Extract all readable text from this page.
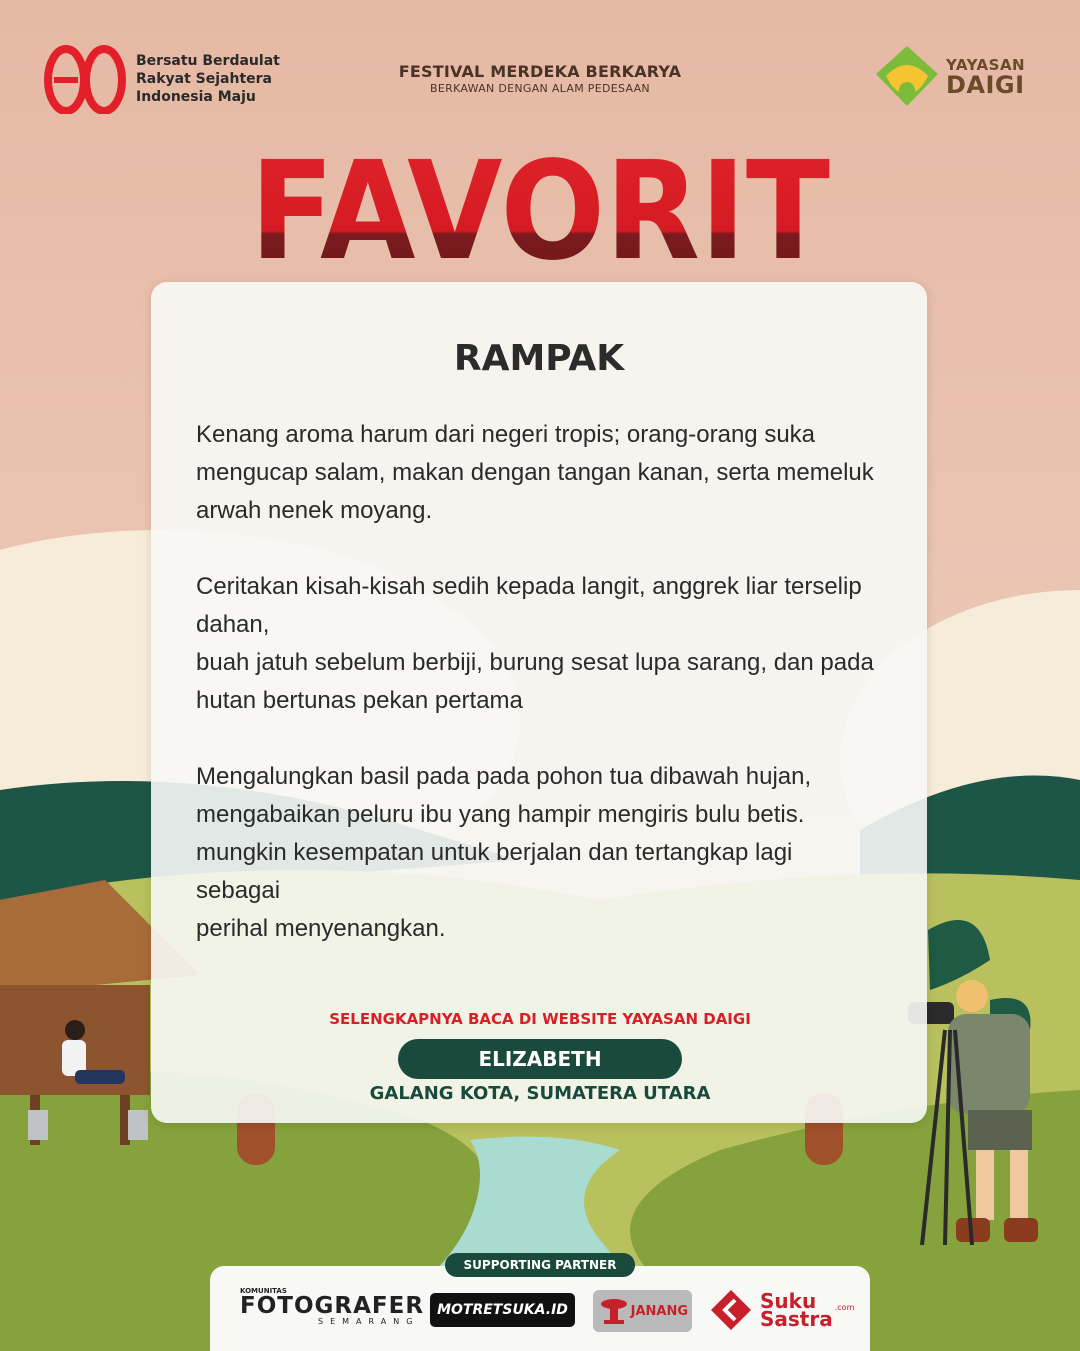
Bersatu Berdaulat
Rakyat Sejahtera
Indonesia Maju
FESTIVAL MERDEKA BERKARYA
BERKAWAN DENGAN ALAM PEDESAAN
YAYASAN
DAIGI
FAVORIT
RAMPAK
Kenang aroma harum dari negeri tropis; orang-orang suka
mengucap salam, makan dengan tangan kanan, serta memeluk
arwah nenek moyang.

Ceritakan kisah-kisah sedih kepada langit, anggrek liar terselip
dahan,
buah jatuh sebelum berbiji, burung sesat lupa sarang, dan pada
hutan bertunas pekan pertama

Mengalungkan basil pada pada pohon tua dibawah hujan,
mengabaikan peluru ibu yang hampir mengiris bulu betis.
mungkin kesempatan untuk berjalan dan tertangkap lagi
sebagai
perihal menyenangkan.
SELENGKAPNYA BACA DI WEBSITE YAYASAN DAIGI
ELIZABETH
GALANG KOTA, SUMATERA UTARA
SUPPORTING PARTNER
KOMUNITAS
FOTOGRAFER
SEMARANG
MOTRETSUKA.ID	JANANG	Suku
Sastra .com
